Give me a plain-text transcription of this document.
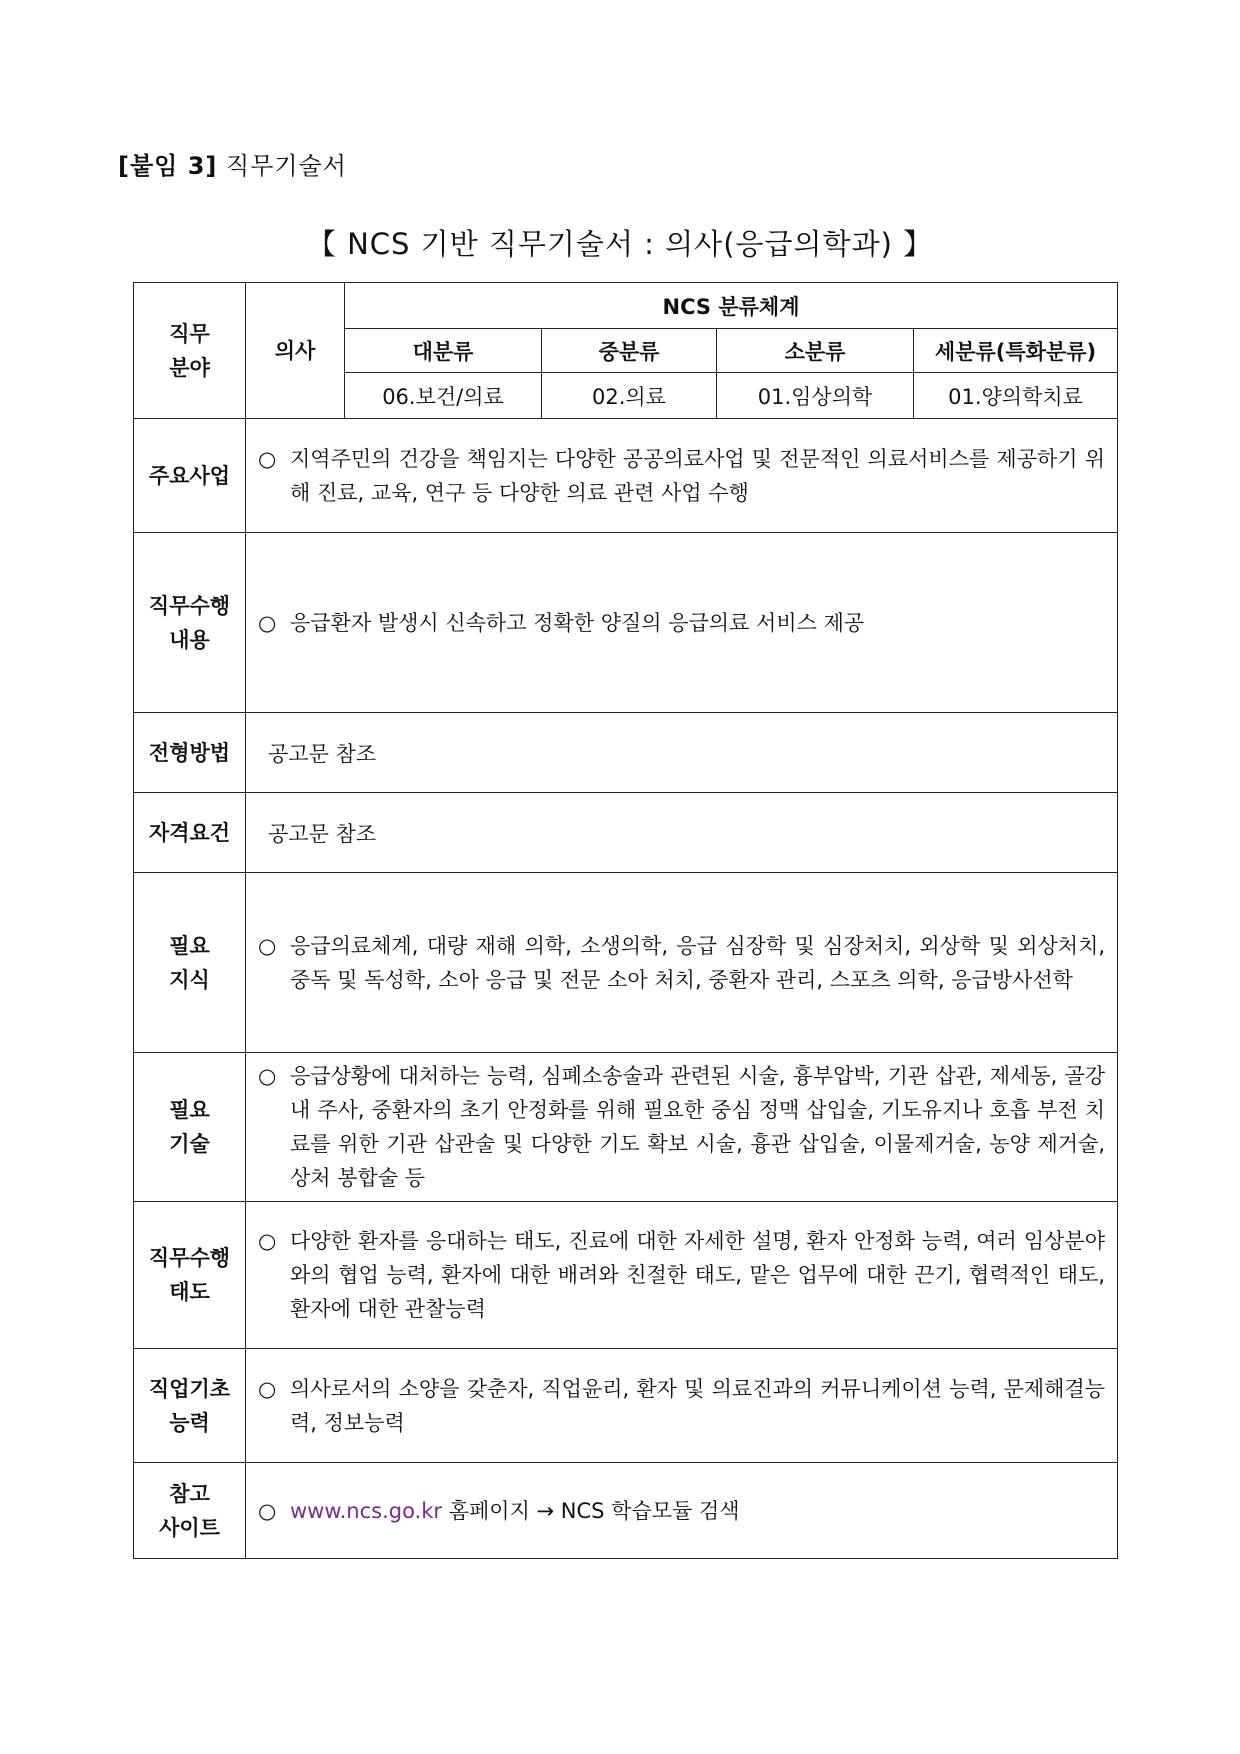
[붙임 3] 직무기술서
【 NCS 기반 직무기술서 : 의사(응급의학과) 】
직무
분야	의사	NCS 분류체계			
		대분류	중분류	소분류	세분류(특화분류)
		06.보건/의료	02.의료	01.임상의학	01.양의학치료
주요사업	○ 지역주민의 건강을 책임지는 다양한 공공의료사업 및 전문적인 의료서비스를 제공하기 위해 진료, 교육, 연구 등 다양한 의료 관련 사업 수행				

직무수행
내용	○ 응급환자 발생시 신속하고 정확한 양질의 응급의료 서비스 제공				

전형방법	공고문 참조				
자격요건	공고문 참조				
필요
지식	○ 응급의료체계, 대량 재해 의학, 소생의학, 응급 심장학 및 심장처치, 외상학 및 외상처치, 중독 및 독성학, 소아 응급 및 전문 소아 처치, 중환자 관리, 스포츠 의학, 응급방사선학				

필요
기술	○ 응급상황에 대처하는 능력, 심폐소송술과 관련된 시술, 흉부압박, 기관 삽관, 제세동, 골강내 주사, 중환자의 초기 안정화를 위해 필요한 중심 정맥 삽입술, 기도유지나 호흡 부전 치료를 위한 기관 삽관술 및 다양한 기도 확보 시술, 흉관 삽입술, 이물제거술, 농양 제거술, 상처 봉합술 등				

직무수행
태도	○ 다양한 환자를 응대하는 태도, 진료에 대한 자세한 설명, 환자 안정화 능력, 여러 임상분야와의 협업 능력, 환자에 대한 배려와 친절한 태도, 맡은 업무에 대한 끈기, 협력적인 태도, 환자에 대한 관찰능력				

직업기초
능력	○ 의사로서의 소양을 갖춘자, 직업윤리, 환자 및 의료진과의 커뮤니케이션 능력, 문제해결능력, 정보능력				

참고
사이트	○ www.ncs.go.kr 홈페이지 → NCS 학습모듈 검색				
